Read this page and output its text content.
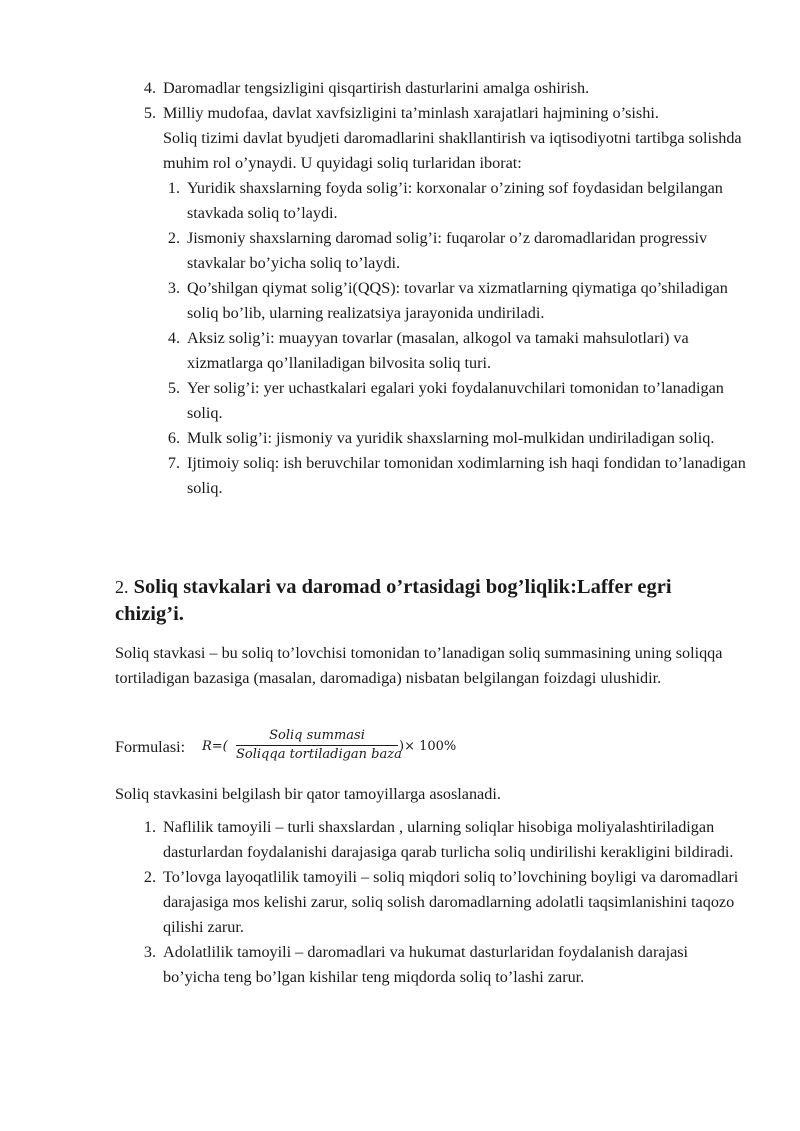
4. Daromadlar tengsizligini qisqartirish dasturlarini amalga oshirish.
5. Milliy mudofaa, davlat xavfsizligini ta’minlash xarajatlari hajmining o’sishi.
Soliq tizimi davlat byudjeti daromadlarini shakllantirish va iqtisodiyotni tartibga solishda muhim rol o’ynaydi. U quyidagi soliq turlaridan iborat:
1. Yuridik shaxslarning foyda solig’i: korxonalar o’zining sof foydasidan belgilangan stavkada soliq to’laydi.
2. Jismoniy shaxslarning daromad solig’i: fuqarolar o’z daromadlaridan progressiv stavkalar bo’yicha soliq to’laydi.
3. Qo’shilgan qiymat solig’i(QQS): tovarlar va xizmatlarning qiymatiga qo’shiladigan soliq bo’lib, ularning realizatsiya jarayonida undiriladi.
4. Aksiz solig’i: muayyan tovarlar (masalan, alkogol va tamaki mahsulotlari) va xizmatlarga qo’llaniladigan bilvosita soliq turi.
5. Yer solig’i: yer uchastkalari egalari yoki foydalanuvchilari tomonidan to’lanadigan soliq.
6. Mulk solig’i: jismoniy va yuridik shaxslarning mol-mulkidan undiriladigan soliq.
7. Ijtimoiy soliq: ish beruvchilar tomonidan xodimlarning ish haqi fondidan to’lanadigan soliq.
2. Soliq stavkalari va daromad o’rtasidagi bog’liqlik:Laffer egri chizig’i.

Soliq stavkasi – bu soliq to’lovchisi tomonidan to’lanadigan soliq summasining uning soliqqa tortiladigan bazasiga (masalan, daromadiga) nisbatan belgilangan foizdagi ulushidir.

Formulasi: R=(
Soliq summasi
Soliqqa tortiladigan baza
)× 100%

Soliq stavkasini belgilash bir qator tamoyillarga asoslanadi.

1. Naflilik tamoyili – turli shaxslardan , ularning soliqlar hisobiga moliyalashtiriladigan dasturlardan foydalanishi darajasiga qarab turlicha soliq undirilishi kerakligini bildiradi.
2. To’lovga layoqatlilik tamoyili – soliq miqdori soliq to’lovchining boyligi va daromadlari darajasiga mos kelishi zarur, soliq solish daromadlarning adolatli taqsimlanishini taqozo qilishi zarur.
3. Adolatlilik tamoyili – daromadlari va hukumat dasturlaridan foydalanish darajasi bo’yicha teng bo’lgan kishilar teng miqdorda soliq to’lashi zarur.
